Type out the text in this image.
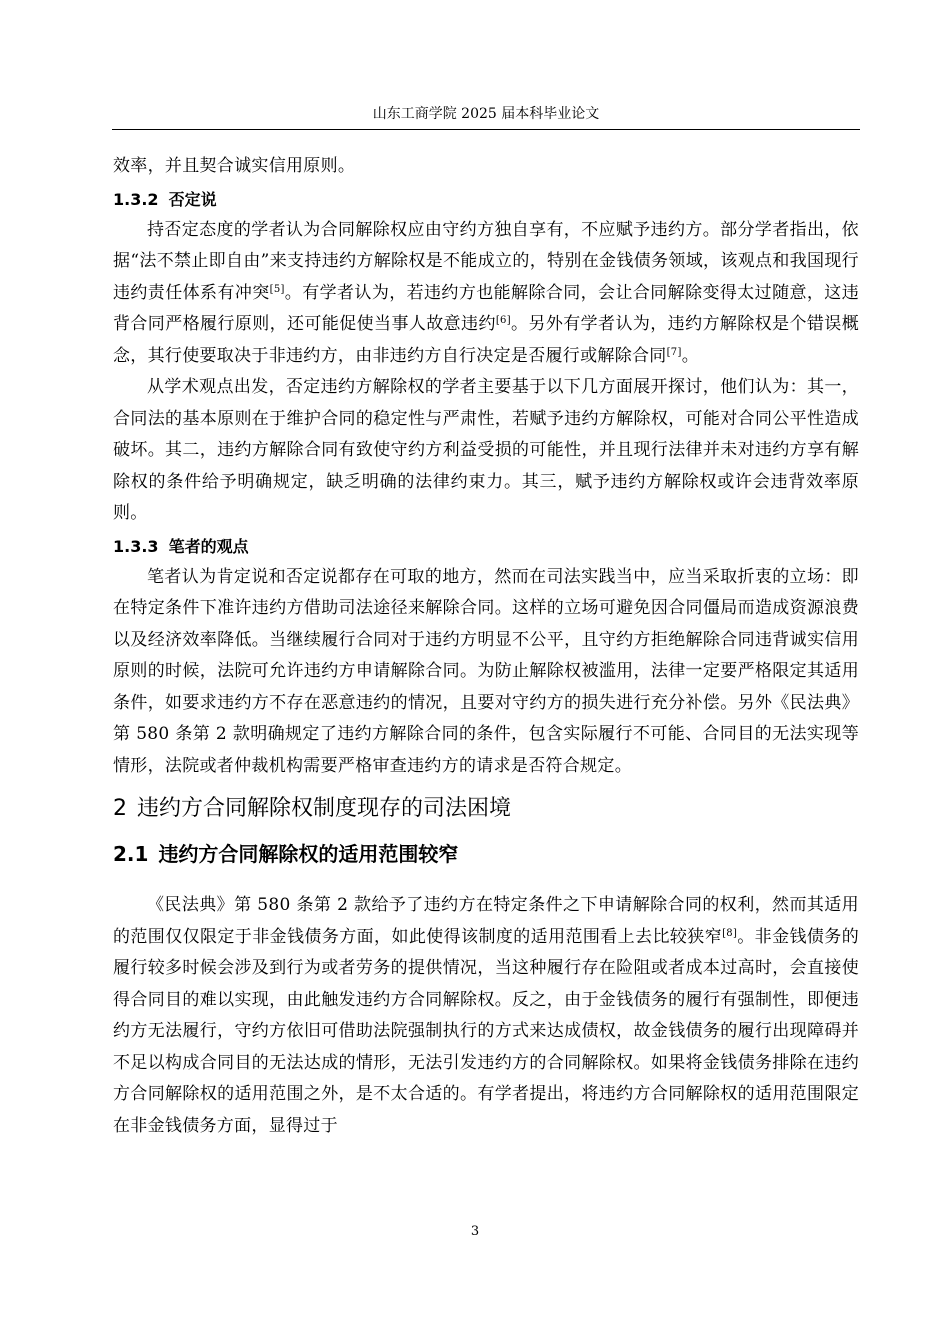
山东工商学院 2025 届本科毕业论文

效率，并且契合诚实信用原则。

1.3.2 否定说

持否定态度的学者认为合同解除权应由守约方独自享有，不应赋予违约方。部分学者指出，依据“法不禁止即自由”来支持违约方解除权是不能成立的，特别在金钱债务领域，该观点和我国现行违约责任体系有冲突[5]。有学者认为，若违约方也能解除合同，会让合同解除变得太过随意，这违背合同严格履行原则，还可能促使当事人故意违约[6]。另外有学者认为，违约方解除权是个错误概念，其行使要取决于非违约方，由非违约方自行决定是否履行或解除合同[7]。

从学术观点出发，否定违约方解除权的学者主要基于以下几方面展开探讨，他们认为：其一，合同法的基本原则在于维护合同的稳定性与严肃性，若赋予违约方解除权，可能对合同公平性造成破坏。其二，违约方解除合同有致使守约方利益受损的可能性，并且现行法律并未对违约方享有解除权的条件给予明确规定，缺乏明确的法律约束力。其三，赋予违约方解除权或许会违背效率原则。

1.3.3 笔者的观点

笔者认为肯定说和否定说都存在可取的地方，然而在司法实践当中，应当采取折衷的立场：即在特定条件下准许违约方借助司法途径来解除合同。这样的立场可避免因合同僵局而造成资源浪费以及经济效率降低。当继续履行合同对于违约方明显不公平，且守约方拒绝解除合同违背诚实信用原则的时候，法院可允许违约方申请解除合同。为防止解除权被滥用，法律一定要严格限定其适用条件，如要求违约方不存在恶意违约的情况，且要对守约方的损失进行充分补偿。另外《民法典》第 580 条第 2 款明确规定了违约方解除合同的条件，包含实际履行不可能、合同目的无法实现等情形，法院或者仲裁机构需要严格审查违约方的请求是否符合规定。

2 违约方合同解除权制度现存的司法困境
2.1 违约方合同解除权的适用范围较窄

《民法典》第 580 条第 2 款给予了违约方在特定条件之下申请解除合同的权利，然而其适用的范围仅仅限定于非金钱债务方面，如此使得该制度的适用范围看上去比较狭窄[8]。非金钱债务的履行较多时候会涉及到行为或者劳务的提供情况，当这种履行存在险阻或者成本过高时，会直接使得合同目的难以实现，由此触发违约方合同解除权。反之，由于金钱债务的履行有强制性，即便违约方无法履行，守约方依旧可借助法院强制执行的方式来达成债权，故金钱债务的履行出现障碍并不足以构成合同目的无法达成的情形，无法引发违约方的合同解除权。如果将金钱债务排除在违约方合同解除权的适用范围之外，是不太合适的。有学者提出，将违约方合同解除权的适用范围限定在非金钱债务方面，显得过于

3
